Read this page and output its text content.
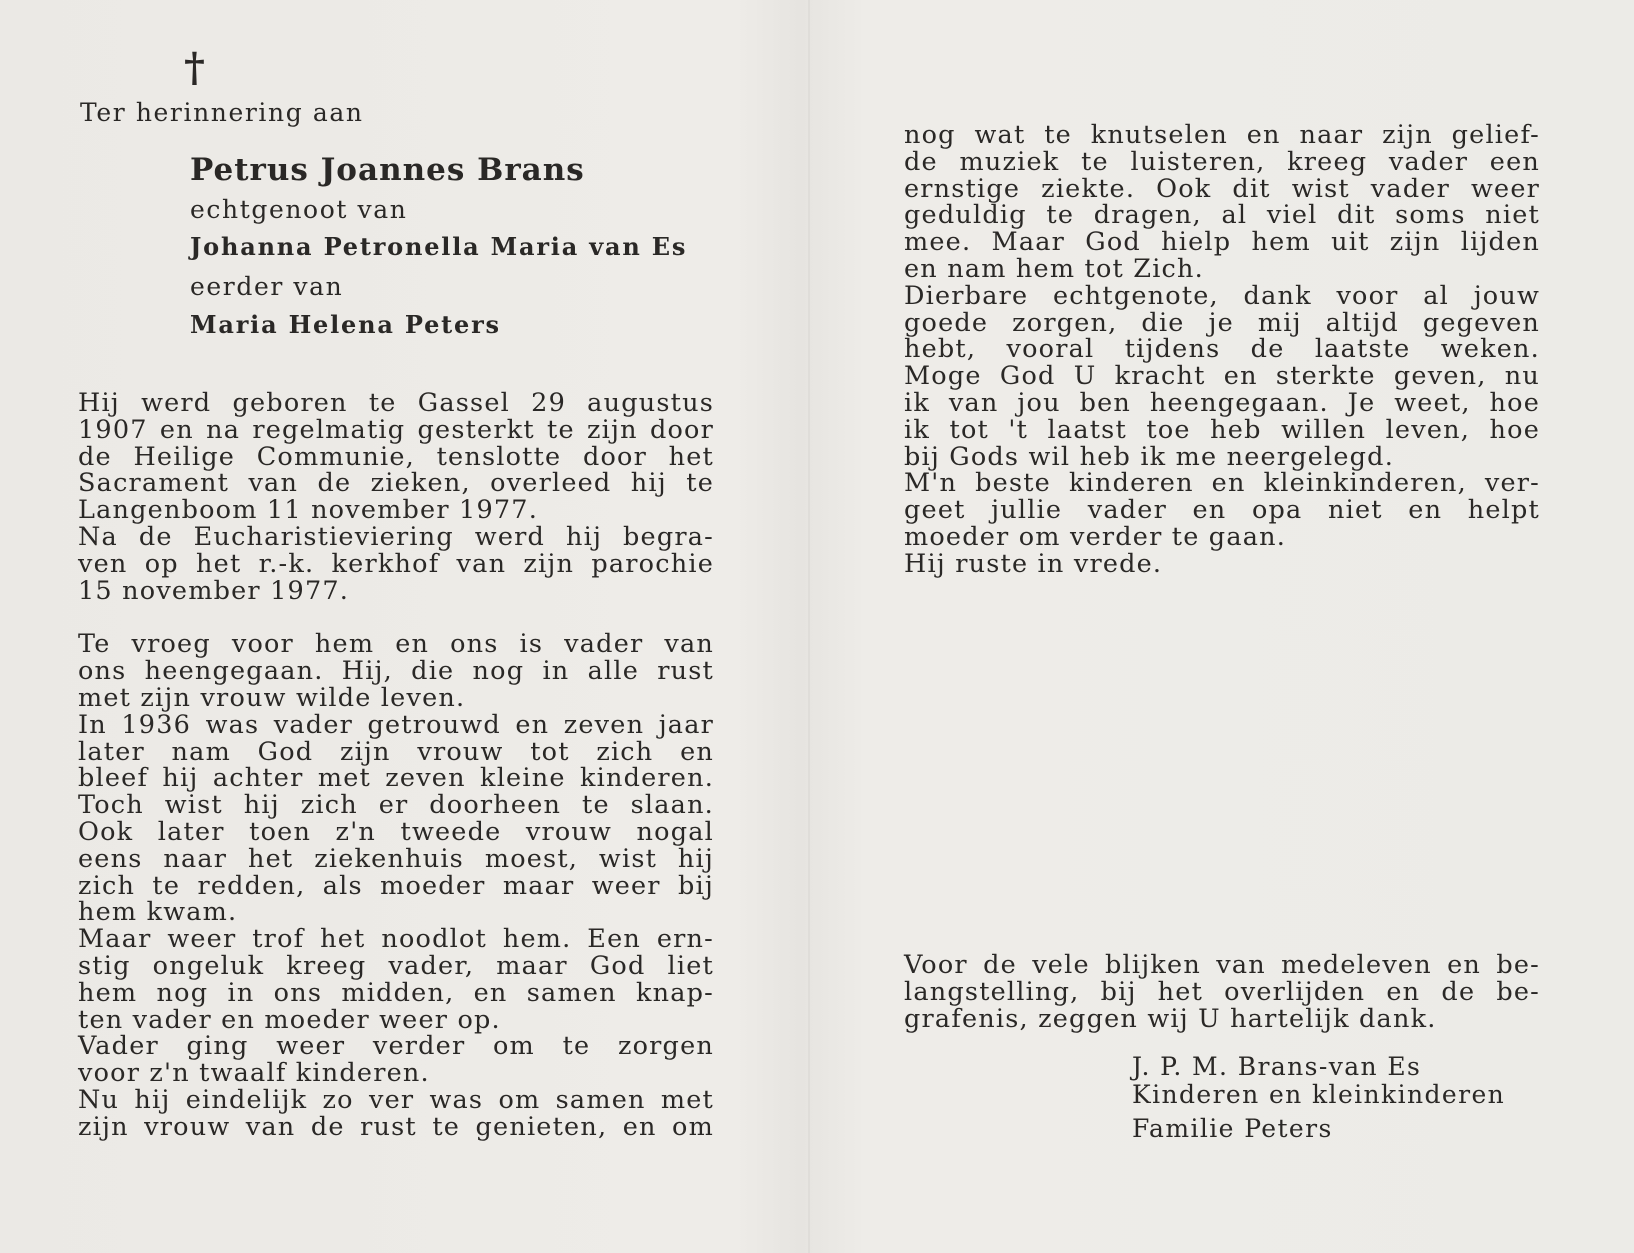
†
Ter herinnering aan
Petrus Joannes Brans
echtgenoot van
Johanna Petronella Maria van Es
eerder van
Maria Helena Peters

Hij werd geboren te Gassel 29 augustus

1907 en na regelmatig gesterkt te zijn door

de Heilige Communie, tenslotte door het

Sacrament van de zieken, overleed hij te

Langenboom 11 november 1977.

Na de Eucharistieviering werd hij begra-

ven op het r.-k. kerkhof van zijn parochie

15 november 1977.

Te vroeg voor hem en ons is vader van

ons heengegaan. Hij, die nog in alle rust

met zijn vrouw wilde leven.

In 1936 was vader getrouwd en zeven jaar

later nam God zijn vrouw tot zich en

bleef hij achter met zeven kleine kinderen.

Toch wist hij zich er doorheen te slaan.

Ook later toen z'n tweede vrouw nogal

eens naar het ziekenhuis moest, wist hij

zich te redden, als moeder maar weer bij

hem kwam.

Maar weer trof het noodlot hem. Een ern-

stig ongeluk kreeg vader, maar God liet

hem nog in ons midden, en samen knap-

ten vader en moeder weer op.

Vader ging weer verder om te zorgen

voor z'n twaalf kinderen.

Nu hij eindelijk zo ver was om samen met

zijn vrouw van de rust te genieten, en om

nog wat te knutselen en naar zijn gelief-

de muziek te luisteren, kreeg vader een

ernstige ziekte. Ook dit wist vader weer

geduldig te dragen, al viel dit soms niet

mee. Maar God hielp hem uit zijn lijden

en nam hem tot Zich.

Dierbare echtgenote, dank voor al jouw

goede zorgen, die je mij altijd gegeven

hebt, vooral tijdens de laatste weken.

Moge God U kracht en sterkte geven, nu

ik van jou ben heengegaan. Je weet, hoe

ik tot 't laatst toe heb willen leven, hoe

bij Gods wil heb ik me neergelegd.

M'n beste kinderen en kleinkinderen, ver-

geet jullie vader en opa niet en helpt

moeder om verder te gaan.

Hij ruste in vrede.

Voor de vele blijken van medeleven en be-

langstelling, bij het overlijden en de be-

grafenis, zeggen wij U hartelijk dank.

J. P. M. Brans-van Es
Kinderen en kleinkinderen
Familie Peters
